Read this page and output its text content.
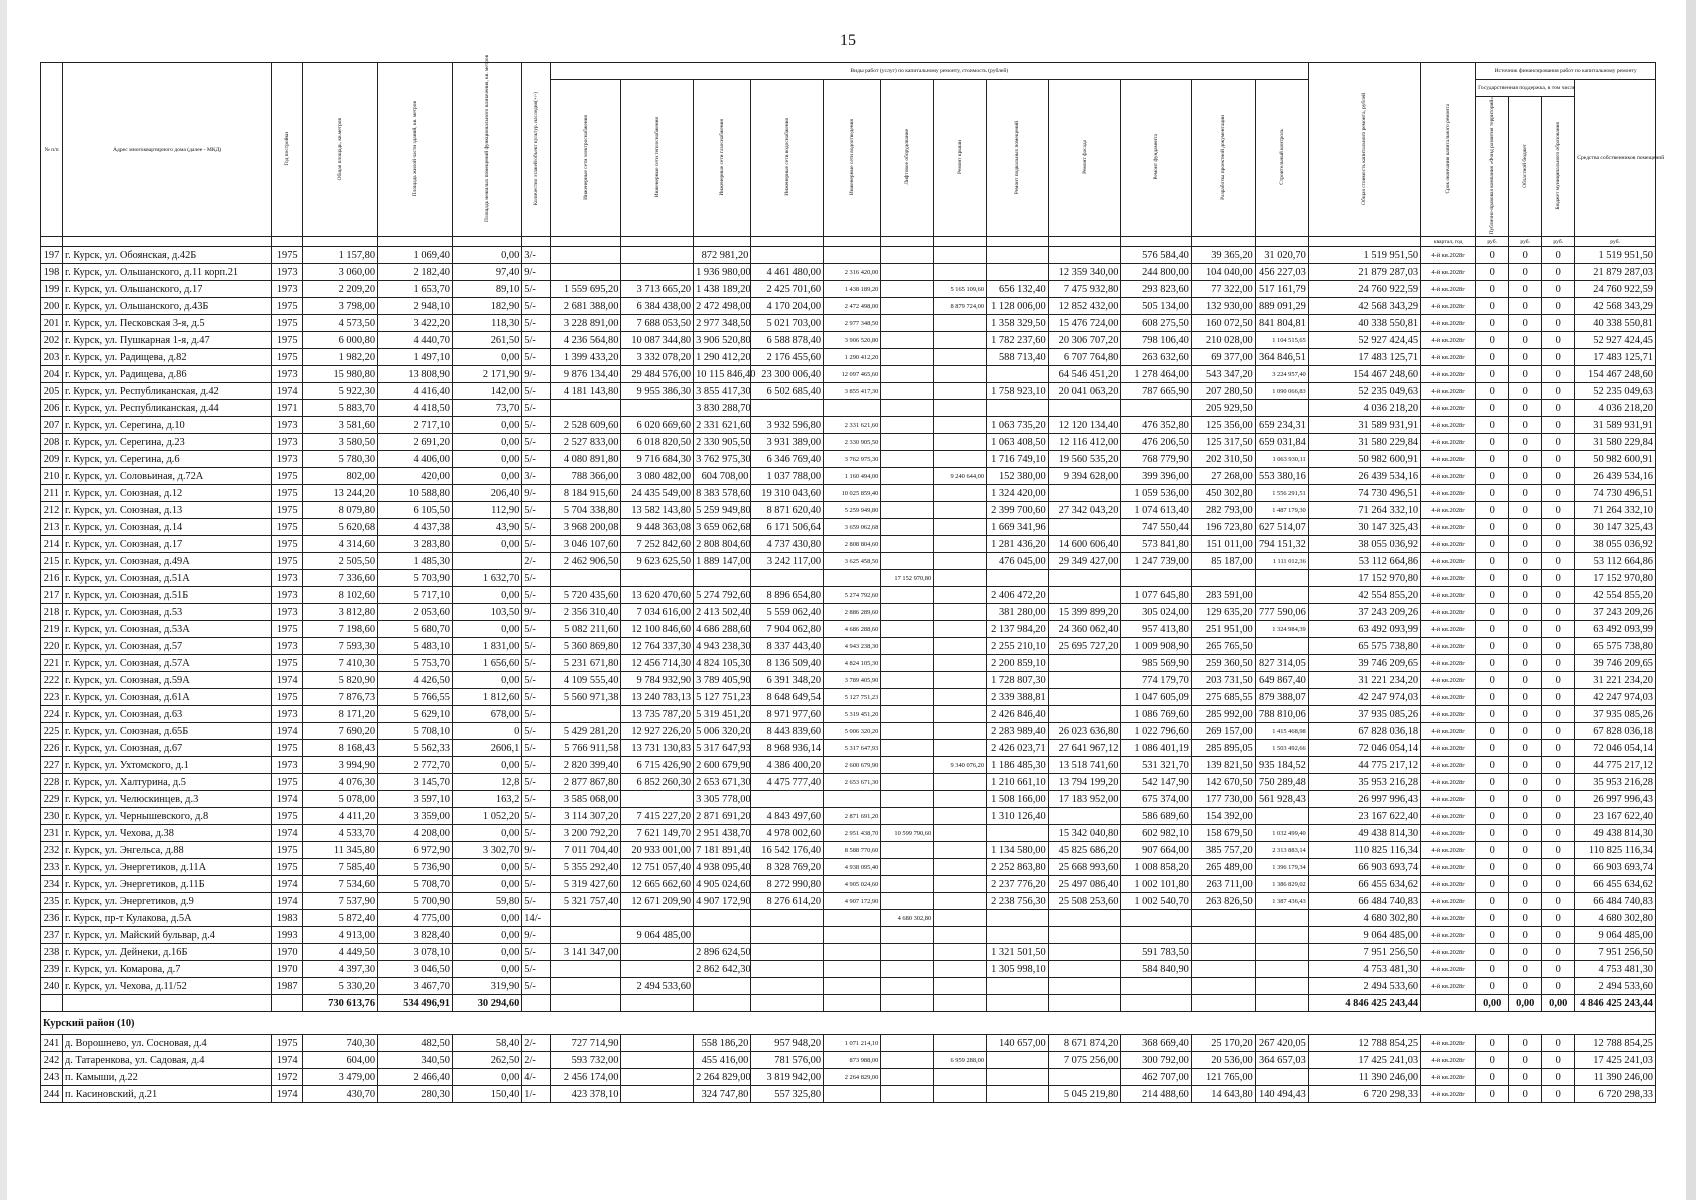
15
№ п/п	Адрес многоквартирного дома (далее - МКД)	Год постройки	Общая площадь, кв.метров	Площадь жилой части зданий, кв. метров	Площадь нежилых помещений функционального назначения, кв. метров	Количество этажей/объект культур. наследия(+/-)	Виды работ (услуг) по капитальному ремонту, стоимость (рублей)												Общая стоимость капитального ремонта, рублей	Срок окончания капитального ремонта	Источник финансирования работ по капитальному ремонту			
							Инженерные сети электроснабжения	Инженерные сети теплоснабжения	Инженерные сети газоснабжения	Инженерные сети водоснабжения	Инженерные сети водоотведения	Лифтовое оборудование	Ремонт крыши	Ремонт подвальных помещений	Ремонт фасада	Ремонт фундамента	Разработка проектной документации	Строительный контроль			Государственная поддержка, в том числе			Средства собственников помещений
																					Публично-правовая компания «Фонд развития территорий»	Областной бюджет	Бюджет муниципального образования	
																				квартал, год	руб.	руб.	руб.	руб.
197	г. Курск, ул. Обоянская, д.42Б	1975	1 157,80	1 069,40	0,00	3/-			872 981,20							576 584,40	39 365,20	31 020,70	1 519 951,50	4-й кв.2028г	0	0	0	1 519 951,50
198	г. Курск, ул. Ольшанского, д.11 корп.21	1973	3 060,00	2 182,40	97,40	9/-			1 936 980,00	4 461 480,00	2 316 420,00				12 359 340,00	244 800,00	104 040,00	456 227,03	21 879 287,03	4-й кв.2028г	0	0	0	21 879 287,03
199	г. Курск, ул. Ольшанского, д.17	1973	2 209,20	1 653,70	89,10	5/-	1 559 695,20	3 713 665,20	1 438 189,20	2 425 701,60	1 438 189,20		5 165 109,60	656 132,40	7 475 932,80	293 823,60	77 322,00	517 161,79	24 760 922,59	4-й кв.2028г	0	0	0	24 760 922,59
200	г. Курск, ул. Ольшанского, д.43Б	1975	3 798,00	2 948,10	182,90	5/-	2 681 388,00	6 384 438,00	2 472 498,00	4 170 204,00	2 472 498,00		8 879 724,00	1 128 006,00	12 852 432,00	505 134,00	132 930,00	889 091,29	42 568 343,29	4-й кв.2028г	0	0	0	42 568 343,29
201	г. Курск, ул. Песковская 3-я, д.5	1975	4 573,50	3 422,20	118,30	5/-	3 228 891,00	7 688 053,50	2 977 348,50	5 021 703,00	2 977 348,50			1 358 329,50	15 476 724,00	608 275,50	160 072,50	841 804,81	40 338 550,81	4-й кв.2028г	0	0	0	40 338 550,81
202	г. Курск, ул. Пушкарная 1-я, д.47	1975	6 000,80	4 440,70	261,50	5/-	4 236 564,80	10 087 344,80	3 906 520,80	6 588 878,40	3 906 520,80			1 782 237,60	20 306 707,20	798 106,40	210 028,00	1 104 515,65	52 927 424,45	4-й кв.2028г	0	0	0	52 927 424,45
203	г. Курск, ул. Радищева, д.82	1975	1 982,20	1 497,10	0,00	5/-	1 399 433,20	3 332 078,20	1 290 412,20	2 176 455,60	1 290 412,20			588 713,40	6 707 764,80	263 632,60	69 377,00	364 846,51	17 483 125,71	4-й кв.2028г	0	0	0	17 483 125,71
204	г. Курск, ул. Радищева, д.86	1973	15 980,80	13 808,90	2 171,90	9/-	9 876 134,40	29 484 576,00	10 115 846,40	23 300 006,40	12 097 465,60				64 546 451,20	1 278 464,00	543 347,20	3 224 957,40	154 467 248,60	4-й кв.2028г	0	0	0	154 467 248,60
205	г. Курск, ул. Республиканская, д.42	1974	5 922,30	4 416,40	142,00	5/-	4 181 143,80	9 955 386,30	3 855 417,30	6 502 685,40	3 855 417,30			1 758 923,10	20 041 063,20	787 665,90	207 280,50	1 090 066,83	52 235 049,63	4-й кв.2028г	0	0	0	52 235 049,63
206	г. Курск, ул. Республиканская, д.44	1971	5 883,70	4 418,50	73,70	5/-			3 830 288,70								205 929,50		4 036 218,20	4-й кв.2028г	0	0	0	4 036 218,20
207	г. Курск, ул. Серегина, д.10	1973	3 581,60	2 717,10	0,00	5/-	2 528 609,60	6 020 669,60	2 331 621,60	3 932 596,80	2 331 621,60			1 063 735,20	12 120 134,40	476 352,80	125 356,00	659 234,31	31 589 931,91	4-й кв.2028г	0	0	0	31 589 931,91
208	г. Курск, ул. Серегина, д.23	1973	3 580,50	2 691,20	0,00	5/-	2 527 833,00	6 018 820,50	2 330 905,50	3 931 389,00	2 330 905,50			1 063 408,50	12 116 412,00	476 206,50	125 317,50	659 031,84	31 580 229,84	4-й кв.2028г	0	0	0	31 580 229,84
209	г. Курск, ул. Серегина, д.6	1973	5 780,30	4 406,00	0,00	5/-	4 080 891,80	9 716 684,30	3 762 975,30	6 346 769,40	3 762 975,30			1 716 749,10	19 560 535,20	768 779,90	202 310,50	1 063 930,11	50 982 600,91	4-й кв.2028г	0	0	0	50 982 600,91
210	г. Курск, ул. Соловьиная, д.72А	1975	802,00	420,00	0,00	3/-	788 366,00	3 080 482,00	604 708,00	1 037 788,00	1 160 494,00		9 240 644,00	152 380,00	9 394 628,00	399 396,00	27 268,00	553 380,16	26 439 534,16	4-й кв.2028г	0	0	0	26 439 534,16
211	г. Курск, ул. Союзная, д.12	1975	13 244,20	10 588,80	206,40	9/-	8 184 915,60	24 435 549,00	8 383 578,60	19 310 043,60	10 025 859,40			1 324 420,00		1 059 536,00	450 302,80	1 556 291,51	74 730 496,51	4-й кв.2028г	0	0	0	74 730 496,51
212	г. Курск, ул. Союзная, д.13	1975	8 079,80	6 105,50	112,90	5/-	5 704 338,80	13 582 143,80	5 259 949,80	8 871 620,40	5 259 949,80			2 399 700,60	27 342 043,20	1 074 613,40	282 793,00	1 487 179,30	71 264 332,10	4-й кв.2028г	0	0	0	71 264 332,10
213	г. Курск, ул. Союзная, д.14	1975	5 620,68	4 437,38	43,90	5/-	3 968 200,08	9 448 363,08	3 659 062,68	6 171 506,64	3 659 062,68			1 669 341,96		747 550,44	196 723,80	627 514,07	30 147 325,43	4-й кв.2028г	0	0	0	30 147 325,43
214	г. Курск, ул. Союзная, д.17	1975	4 314,60	3 283,80	0,00	5/-	3 046 107,60	7 252 842,60	2 808 804,60	4 737 430,80	2 808 804,60			1 281 436,20	14 600 606,40	573 841,80	151 011,00	794 151,32	38 055 036,92	4-й кв.2028г	0	0	0	38 055 036,92
215	г. Курск, ул. Союзная, д.49А	1975	2 505,50	1 485,30		2/-	2 462 906,50	9 623 625,50	1 889 147,00	3 242 117,00	3 625 458,50			476 045,00	29 349 427,00	1 247 739,00	85 187,00	1 111 012,36	53 112 664,86	4-й кв.2028г	0	0	0	53 112 664,86
216	г. Курск, ул. Союзная, д.51А	1973	7 336,60	5 703,90	1 632,70	5/-						17 152 970,80							17 152 970,80	4-й кв.2028г	0	0	0	17 152 970,80
217	г. Курск, ул. Союзная, д.51Б	1973	8 102,60	5 717,10	0,00	5/-	5 720 435,60	13 620 470,60	5 274 792,60	8 896 654,80	5 274 792,60			2 406 472,20		1 077 645,80	283 591,00		42 554 855,20	4-й кв.2028г	0	0	0	42 554 855,20
218	г. Курск, ул. Союзная, д.53	1973	3 812,80	2 053,60	103,50	9/-	2 356 310,40	7 034 616,00	2 413 502,40	5 559 062,40	2 886 289,60			381 280,00	15 399 899,20	305 024,00	129 635,20	777 590,06	37 243 209,26	4-й кв.2028г	0	0	0	37 243 209,26
219	г. Курск, ул. Союзная, д.53А	1975	7 198,60	5 680,70	0,00	5/-	5 082 211,60	12 100 846,60	4 686 288,60	7 904 062,80	4 686 288,60			2 137 984,20	24 360 062,40	957 413,80	251 951,00	1 324 984,39	63 492 093,99	4-й кв.2028г	0	0	0	63 492 093,99
220	г. Курск, ул. Союзная, д.57	1973	7 593,30	5 483,10	1 831,00	5/-	5 360 869,80	12 764 337,30	4 943 238,30	8 337 443,40	4 943 238,30			2 255 210,10	25 695 727,20	1 009 908,90	265 765,50		65 575 738,80	4-й кв.2028г	0	0	0	65 575 738,80
221	г. Курск, ул. Союзная, д.57А	1975	7 410,30	5 753,70	1 656,60	5/-	5 231 671,80	12 456 714,30	4 824 105,30	8 136 509,40	4 824 105,30			2 200 859,10		985 569,90	259 360,50	827 314,05	39 746 209,65	4-й кв.2028г	0	0	0	39 746 209,65
222	г. Курск, ул. Союзная, д.59А	1974	5 820,90	4 426,50	0,00	5/-	4 109 555,40	9 784 932,90	3 789 405,90	6 391 348,20	3 789 405,90			1 728 807,30		774 179,70	203 731,50	649 867,40	31 221 234,20	4-й кв.2028г	0	0	0	31 221 234,20
223	г. Курск, ул. Союзная, д.61А	1975	7 876,73	5 766,55	1 812,60	5/-	5 560 971,38	13 240 783,13	5 127 751,23	8 648 649,54	5 127 751,23			2 339 388,81		1 047 605,09	275 685,55	879 388,07	42 247 974,03	4-й кв.2028г	0	0	0	42 247 974,03
224	г. Курск, ул. Союзная, д.63	1973	8 171,20	5 629,10	678,00	5/-		13 735 787,20	5 319 451,20	8 971 977,60	5 319 451,20			2 426 846,40		1 086 769,60	285 992,00	788 810,06	37 935 085,26	4-й кв.2028г	0	0	0	37 935 085,26
225	г. Курск, ул. Союзная, д.65Б	1974	7 690,20	5 708,10	0	5/-	5 429 281,20	12 927 226,20	5 006 320,20	8 443 839,60	5 006 320,20			2 283 989,40	26 023 636,80	1 022 796,60	269 157,00	1 415 468,98	67 828 036,18	4-й кв.2028г	0	0	0	67 828 036,18
226	г. Курск, ул. Союзная, д.67	1975	8 168,43	5 562,33	2606,1	5/-	5 766 911,58	13 731 130,83	5 317 647,93	8 968 936,14	5 317 647,93			2 426 023,71	27 641 967,12	1 086 401,19	285 895,05	1 503 492,66	72 046 054,14	4-й кв.2028г	0	0	0	72 046 054,14
227	г. Курск, ул. Ухтомского, д.1	1973	3 994,90	2 772,70	0,00	5/-	2 820 399,40	6 715 426,90	2 600 679,90	4 386 400,20	2 600 679,90		9 340 076,20	1 186 485,30	13 518 741,60	531 321,70	139 821,50	935 184,52	44 775 217,12	4-й кв.2028г	0	0	0	44 775 217,12
228	г. Курск, ул. Халтурина, д.5	1975	4 076,30	3 145,70	12,8	5/-	2 877 867,80	6 852 260,30	2 653 671,30	4 475 777,40	2 653 671,30			1 210 661,10	13 794 199,20	542 147,90	142 670,50	750 289,48	35 953 216,28	4-й кв.2028г	0	0	0	35 953 216,28
229	г. Курск, ул. Челюскинцев, д.3	1974	5 078,00	3 597,10	163,2	5/-	3 585 068,00		3 305 778,00					1 508 166,00	17 183 952,00	675 374,00	177 730,00	561 928,43	26 997 996,43	4-й кв.2028г	0	0	0	26 997 996,43
230	г. Курск, ул. Чернышевского, д.8	1975	4 411,20	3 359,00	1 052,20	5/-	3 114 307,20	7 415 227,20	2 871 691,20	4 843 497,60	2 871 691,20			1 310 126,40		586 689,60	154 392,00		23 167 622,40	4-й кв.2028г	0	0	0	23 167 622,40
231	г. Курск, ул. Чехова, д.38	1974	4 533,70	4 208,00	0,00	5/-	3 200 792,20	7 621 149,70	2 951 438,70	4 978 002,60	2 951 438,70	10 599 790,60			15 342 040,80	602 982,10	158 679,50	1 032 499,40	49 438 814,30	4-й кв.2028г	0	0	0	49 438 814,30
232	г. Курск, ул. Энгельса, д.88	1975	11 345,80	6 972,90	3 302,70	9/-	7 011 704,40	20 933 001,00	7 181 891,40	16 542 176,40	8 588 770,60			1 134 580,00	45 825 686,20	907 664,00	385 757,20	2 313 883,14	110 825 116,34	4-й кв.2028г	0	0	0	110 825 116,34
233	г. Курск, ул. Энергетиков, д.11А	1975	7 585,40	5 736,90	0,00	5/-	5 355 292,40	12 751 057,40	4 938 095,40	8 328 769,20	4 938 095,40			2 252 863,80	25 668 993,60	1 008 858,20	265 489,00	1 396 179,34	66 903 693,74	4-й кв.2028г	0	0	0	66 903 693,74
234	г. Курск, ул. Энергетиков, д.11Б	1974	7 534,60	5 708,70	0,00	5/-	5 319 427,60	12 665 662,60	4 905 024,60	8 272 990,80	4 905 024,60			2 237 776,20	25 497 086,40	1 002 101,80	263 711,00	1 386 829,02	66 455 634,62	4-й кв.2028г	0	0	0	66 455 634,62
235	г. Курск, ул. Энергетиков, д.9	1974	7 537,90	5 700,90	59,80	5/-	5 321 757,40	12 671 209,90	4 907 172,90	8 276 614,20	4 907 172,90			2 238 756,30	25 508 253,60	1 002 540,70	263 826,50	1 387 436,43	66 484 740,83	4-й кв.2028г	0	0	0	66 484 740,83
236	г. Курск, пр-т Кулакова, д.5А	1983	5 872,40	4 775,00	0,00	14/-						4 680 302,80							4 680 302,80	4-й кв.2028г	0	0	0	4 680 302,80
237	г. Курск, ул. Майский бульвар, д.4	1993	4 913,00	3 828,40	0,00	9/-		9 064 485,00											9 064 485,00	4-й кв.2028г	0	0	0	9 064 485,00
238	г. Курск, ул. Дейнеки, д.16Б	1970	4 449,50	3 078,10	0,00	5/-	3 141 347,00		2 896 624,50					1 321 501,50		591 783,50			7 951 256,50	4-й кв.2028г	0	0	0	7 951 256,50
239	г. Курск, ул. Комарова, д.7	1970	4 397,30	3 046,50	0,00	5/-			2 862 642,30					1 305 998,10		584 840,90			4 753 481,30	4-й кв.2028г	0	0	0	4 753 481,30
240	г. Курск, ул. Чехова, д.11/52	1987	5 330,20	3 467,70	319,90	5/-		2 494 533,60											2 494 533,60	4-й кв.2028г	0	0	0	2 494 533,60
			730 613,76	534 496,91	30 294,60														4 846 425 243,44		0,00	0,00	0,00	4 846 425 243,44
Курский район (10)																								
241	д. Ворошнево, ул. Сосновая, д.4	1975	740,30	482,50	58,40	2/-	727 714,90		558 186,20	957 948,20	1 071 214,10			140 657,00	8 671 874,20	368 669,40	25 170,20	267 420,05	12 788 854,25	4-й кв.2028г	0	0	0	12 788 854,25
242	д. Татаренкова, ул. Садовая, д.4	1974	604,00	340,50	262,50	2/-	593 732,00		455 416,00	781 576,00	873 988,00		6 959 288,00		7 075 256,00	300 792,00	20 536,00	364 657,03	17 425 241,03	4-й кв.2028г	0	0	0	17 425 241,03
243	п. Камыши, д.22	1972	3 479,00	2 466,40	0,00	4/-	2 456 174,00		2 264 829,00	3 819 942,00	2 264 829,00					462 707,00	121 765,00		11 390 246,00	4-й кв.2028г	0	0	0	11 390 246,00
244	п. Касиновский, д.21	1974	430,70	280,30	150,40	1/-	423 378,10		324 747,80	557 325,80					5 045 219,80	214 488,60	14 643,80	140 494,43	6 720 298,33	4-й кв.2028г	0	0	0	6 720 298,33
